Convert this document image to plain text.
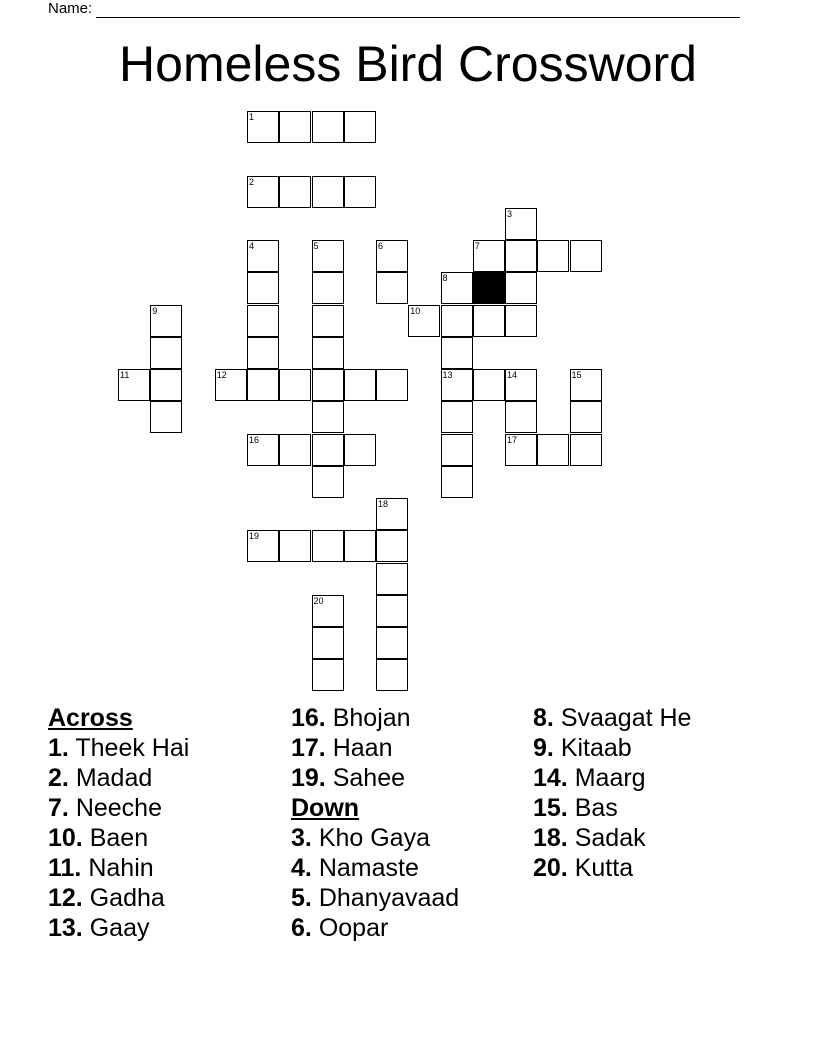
Name:
Homeless Bird Crossword
1
2
3
4	5	6	7
8
9	10
11	12	13	14	15
16	17
18
19
20
Across
1. Theek Hai
2. Madad
7. Neeche
10. Baen
11. Nahin
12. Gadha
13. Gaay
16. Bhojan
17. Haan
19. Sahee
Down
3. Kho Gaya
4. Namaste
5. Dhanyavaad
6. Oopar
8. Svaagat He
9. Kitaab
14. Maarg
15. Bas
18. Sadak
20. Kutta
